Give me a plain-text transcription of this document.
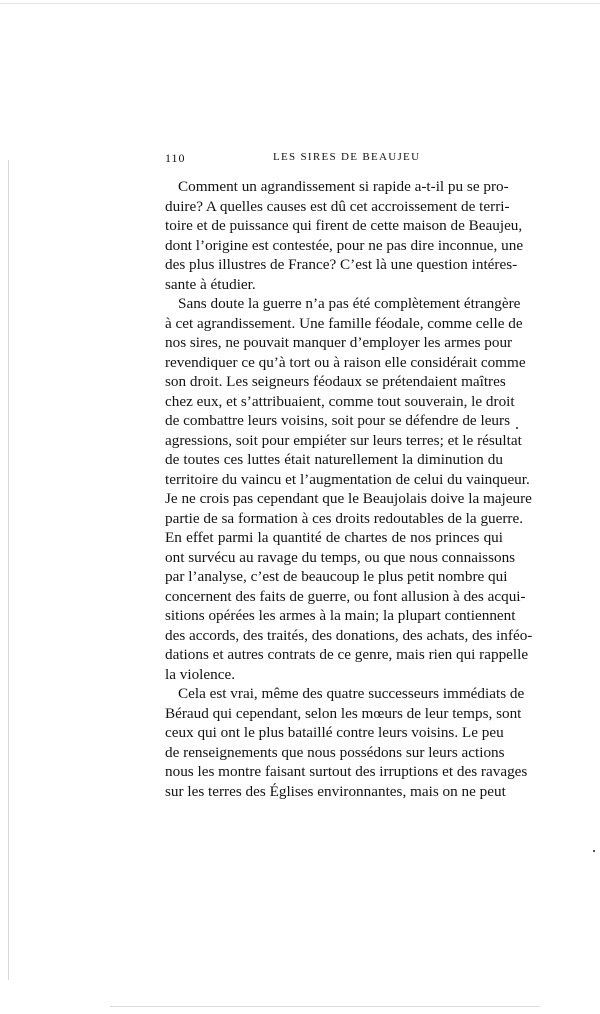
110	LES SIRES DE BEAUJEU
Comment un agrandissement si rapide a-t-il pu se pro-
duire? A quelles causes est dû cet accroissement de terri-
toire et de puissance qui firent de cette maison de Beaujeu,
dont l’origine est contestée, pour ne pas dire inconnue, une
des plus illustres de France? C’est là une question intéres-
sante à étudier.
Sans doute la guerre n’a pas été complètement étrangère
à cet agrandissement. Une famille féodale, comme celle de
nos sires, ne pouvait manquer d’employer les armes pour
revendiquer ce qu’à tort ou à raison elle considérait comme
son droit. Les seigneurs féodaux se prétendaient maîtres
chez eux, et s’attribuaient, comme tout souverain, le droit
de combattre leurs voisins, soit pour se défendre de leurs
agressions, soit pour empiéter sur leurs terres; et le résultat
de toutes ces luttes était naturellement la diminution du
territoire du vaincu et l’augmentation de celui du vainqueur.
Je ne crois pas cependant que le Beaujolais doive la majeure
partie de sa formation à ces droits redoutables de la guerre.
En effet parmi la quantité de chartes de nos princes qui
ont survécu au ravage du temps, ou que nous connaissons
par l’analyse, c’est de beaucoup le plus petit nombre qui
concernent des faits de guerre, ou font allusion à des acqui-
sitions opérées les armes à la main; la plupart contiennent
des accords, des traités, des donations, des achats, des inféo-
dations et autres contrats de ce genre, mais rien qui rappelle
la violence.
Cela est vrai, même des quatre successeurs immédiats de
Béraud qui cependant, selon les mœurs de leur temps, sont
ceux qui ont le plus bataillé contre leurs voisins. Le peu
de renseignements que nous possédons sur leurs actions
nous les montre faisant surtout des irruptions et des ravages
sur les terres des Églises environnantes, mais on ne peut
